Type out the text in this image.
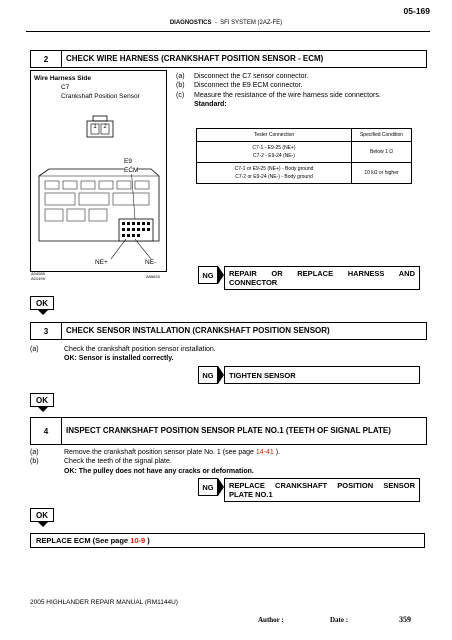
05-169
DIAGNOSTICS - SFI SYSTEM (2AZ-FE)
2	CHECK WIRE HARNESS (CRANKSHAFT POSITION SENSOR - ECM)
Wire Harness Side
C7
Crankshaft Position Sensor
1	2
E9
ECM
NE+	NE-
A04085
A01499	A85633
(a)	Disconnect the C7 sensor connector.
(b)	Disconnect the E9 ECM connector.
(c)	Measure the resistance of the wire harness side connectors.
Standard:
Tester Connection	Specified Condition

C7-1 - E9-25 (NE+)
C7-2 - E9-24 (NE-)	Below 1 Ω

C7-1 or E9-25 (NE+) - Body ground
C7-2 or E9-24 (NE-) - Body ground	10 kΩ or higher
NG	REPAIR OR REPLACE HARNESS AND CONNECTOR
OK
3	CHECK SENSOR INSTALLATION (CRANKSHAFT POSITION SENSOR)
(a)	Check the crankshaft position sensor installation.
OK: Sensor is installed correctly.
NG	TIGHTEN SENSOR
OK
4	INSPECT CRANKSHAFT POSITION SENSOR PLATE NO.1 (TEETH OF SIGNAL PLATE)
(a)	Remove the crankshaft position sensor plate No. 1 (see page 14-41 ).
(b)	Check the teeth of the signal plate.
OK: The pulley does not have any cracks or deformation.
NG	REPLACE CRANKSHAFT POSITION SENSOR PLATE NO.1
OK
REPLACE ECM (See page 10-9 )
2005 HIGHLANDER REPAIR MANUAL (RM1144U)
Author :	Date :	359
